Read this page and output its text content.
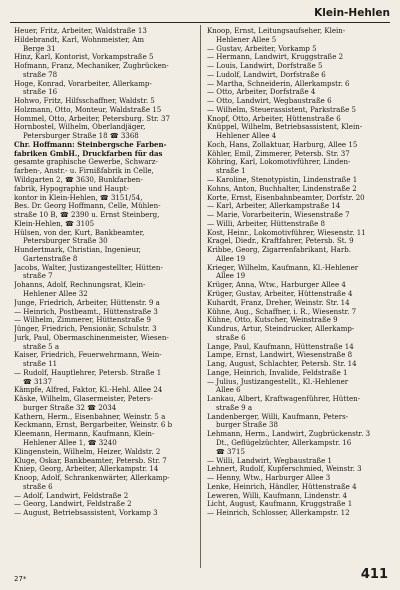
Klein-Hehlen
Heuer, Fritz, Arbeiter, Waldstraße 13
Hildebrandt, Karl, Wohnmeister, Am
Berge 31
Hinz, Karl, Kontorist, Vorkampstraße 5
Hofmann, Franz, Mechaniker, Zugbrücken-
straße 78
Hoge, Konrad, Vorarbeiter, Allerkamp-
straße 16
Hohwo, Fritz, Hilfsschaffner, Waldstr. 5
Holzmann, Otto, Monteur, Waldstraße 15
Hommel, Otto, Arbeiter, Petersburg. Str. 37
Hornbostel, Wilhelm, Oberlandjäger,
Petersburger Straße 18 ☎ 3368
Chr. Hoffmann: Steinbergsche Farben-
fabriken GmbH., Druckfarben für das
gesamte graphische Gewerbe, Schwarz-
farben-, Anstr.- u. Firnißfabrik in Celle,
Wildgarten 2, ☎ 3630, Bunkfarben-
fabrik, Hypographie und Haupt-
kontor in Klein-Hehlen, ☎ 3151/54,
Bes. Dr. Georg Hoffmann, Celle, Mühlen-
straße 10 B, ☎ 2390 u. Ernst Steinberg,
Klein-Hehlen, ☎ 3105
Hülsen, von der, Kurt, Bankbeamter,
Petersburger Straße 30
Hundertmark, Christian, Ingenieur,
Gartenstraße 8
Jacobs, Walter, Justizangestellter, Hütten-
straße 7
Johanns, Adolf, Rechnungsrat, Klein-
Hehlener Allee 32
Junge, Friedrich, Arbeiter, Hüttenstr. 9 a
— Heinrich, Postbeamt., Hüttenstraße 3
— Wilhelm, Zimmerer, Hüttenstraße 9
Jünger, Friedrich, Pensionär, Schulstr. 3
Jurk, Paul, Obermaschinenmeister, Wiesen-
straße 5 a
Kaiser, Friedrich, Feuerwehrmann, Wein-
straße 11
— Rudolf, Hauptlehrer, Petersb. Straße 1
☎ 3137
Kämpfe, Alfred, Faktor, Kl.-Hehl. Allee 24
Käske, Wilhelm, Glasermeister, Peters-
burger Straße 32 ☎ 2034
Kathern, Herm., Eisenbahner, Weinstr. 5 a
Keckmann, Ernst, Bergarbeiter, Weinstr. 6 b
Kleemann, Hermann, Kaufmann, Klein-
Hehlener Allee 1, ☎ 3240
Klingenstein, Wilhelm, Heizer, Waldstr. 2
Kluge, Oskar, Bankbeamter, Petersb. Str. 7
Kniep, Georg, Arbeiter, Allerkampstr. 14
Knoop, Adolf, Schrankenwärter, Allerkamp-
straße 6
— Adolf, Landwirt, Feldstraße 2
— Georg, Landwirt, Feldstraße 2
— August, Betriebsassistent, Vorkamp 3
Knoop, Ernst, Leitungsaufseher, Klein-
Hehlener Allee 5
— Gustav, Arbeiter, Vorkamp 5
— Hermann, Landwirt, Kruggstraße 2
— Louis, Landwirt, Dorfstraße 5
— Ludolf, Landwirt, Dorfstraße 6
— Martha, Schneiderin, Allerkampstr. 6
— Otto, Arbeiter, Dorfstraße 4
— Otto, Landwirt, Wegbaustraße 6
— Wilhelm, Steuerassistent, Parkstraße 5
Knopf, Otto, Arbeiter, Hüttenstraße 6
Knüppel, Wilhelm, Betriebsassistent, Klein-
Hehlener Allee 4
Koch, Hans, Zollaktuar, Harburg, Allee 15
Köhler, Emil, Zimmerer, Petersb. Str. 37
Köhring, Karl, Lokomotivführer, Linden-
straße 1
— Karoline, Stenotypistin, Lindenstraße 1
Kohns, Anton, Buchhalter, Lindenstraße 2
Korte, Ernst, Eisenbahnbeamter, Dorfstr. 20
— Karl, Arbeiter, Allerkampstraße 14
— Marie, Vorarbeiterin, Wiesenstraße 7
— Willi, Arbeiter, Hüttenstraße 8
Kost, Heinr., Lokomotivführer, Wiesenstr. 11
Kragel, Diedr., Kraftfahrer, Petersb. St. 9
Kribbe, Georg, Zigarrenfabrikant, Harb.
Allee 19
Krieger, Wilhelm, Kaufmann, Kl.-Hehlener
Allee 19
Krüger, Anna, Wtw., Harburger Allee 4
Krüger, Gustav, Arbeiter, Hüttenstraße 4
Kuhardt, Franz, Dreher, Weinstr. Str. 14
Kühne, Aug., Schaffner, i. R., Wiesenstr. 7
Kühne, Otto, Kutscher, Weinstraße 9
Kundrus, Artur, Steindrucker, Allerkamp-
straße 6
Lange, Paul, Kaufmann, Hüttenstraße 14
Lampe, Ernst, Landwirt, Wiesenstraße 8
Lang, August, Schlachter, Petersb. Str. 14
Lange, Heinrich, Invalide, Feldstraße 1
— Julius, Justizangestellt., Kl.-Hehlener
Allee 6
Lankau, Albert, Kraftwagenführer, Hütten-
straße 9 a
Landenberger, Willi, Kaufmann, Peters-
burger Straße 38
Lehmann, Herm., Landwirt, Zugbrückenstr. 3
Dt., Geflügelzüchter, Allerkampstr. 16
☎ 3715
— Willi, Landwirt, Wegbaustraße 1
Lehnert, Rudolf, Kupferschmied, Weinstr. 3
— Henny, Wtw., Harburger Allee 3
Lenke, Heinrich, Händler, Hüttenstraße 4
Leweren, Willi, Kaufmann, Lindenstr. 4
Licht, August, Kaufmann, Kruggstraße 1
— Heinrich, Schlosser, Allerkampstr. 12
27*	411
